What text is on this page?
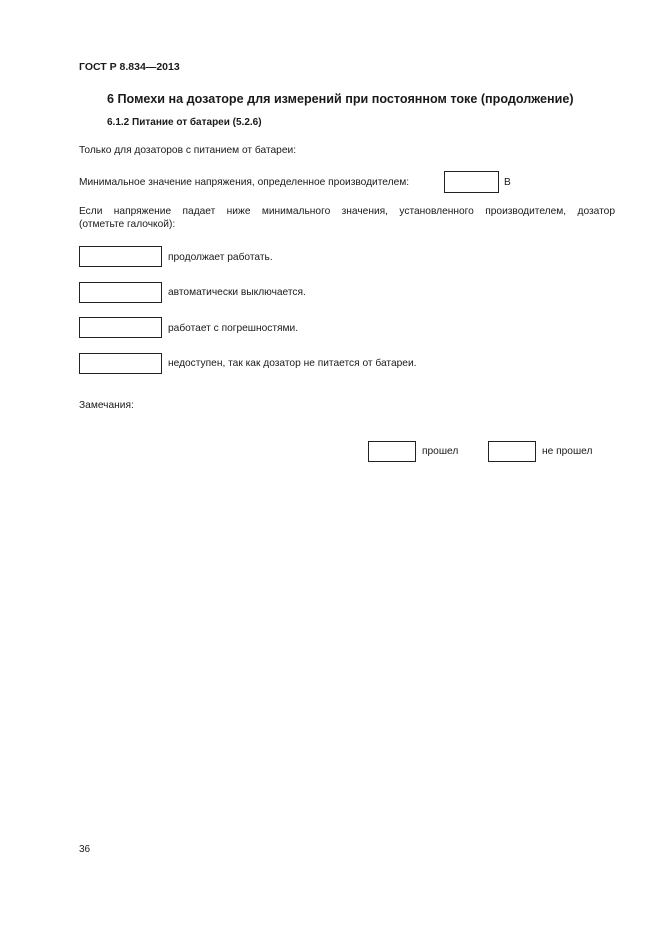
ГОСТ Р 8.834—2013
6 Помехи на дозаторе для измерений при постоянном токе (продолжение)
6.1.2 Питание от батареи (5.2.6)
Только для дозаторов с питанием от батареи:
Минимальное значение напряжения, определенное производителем:	В
Если напряжение падает ниже минимального значения, установленного производителем, дозатор
(отметьте галочкой):
продолжает работать.
автоматически выключается.
работает с погрешностями.
недоступен, так как дозатор не питается от батареи.
Замечания:
прошел	не прошел
36
